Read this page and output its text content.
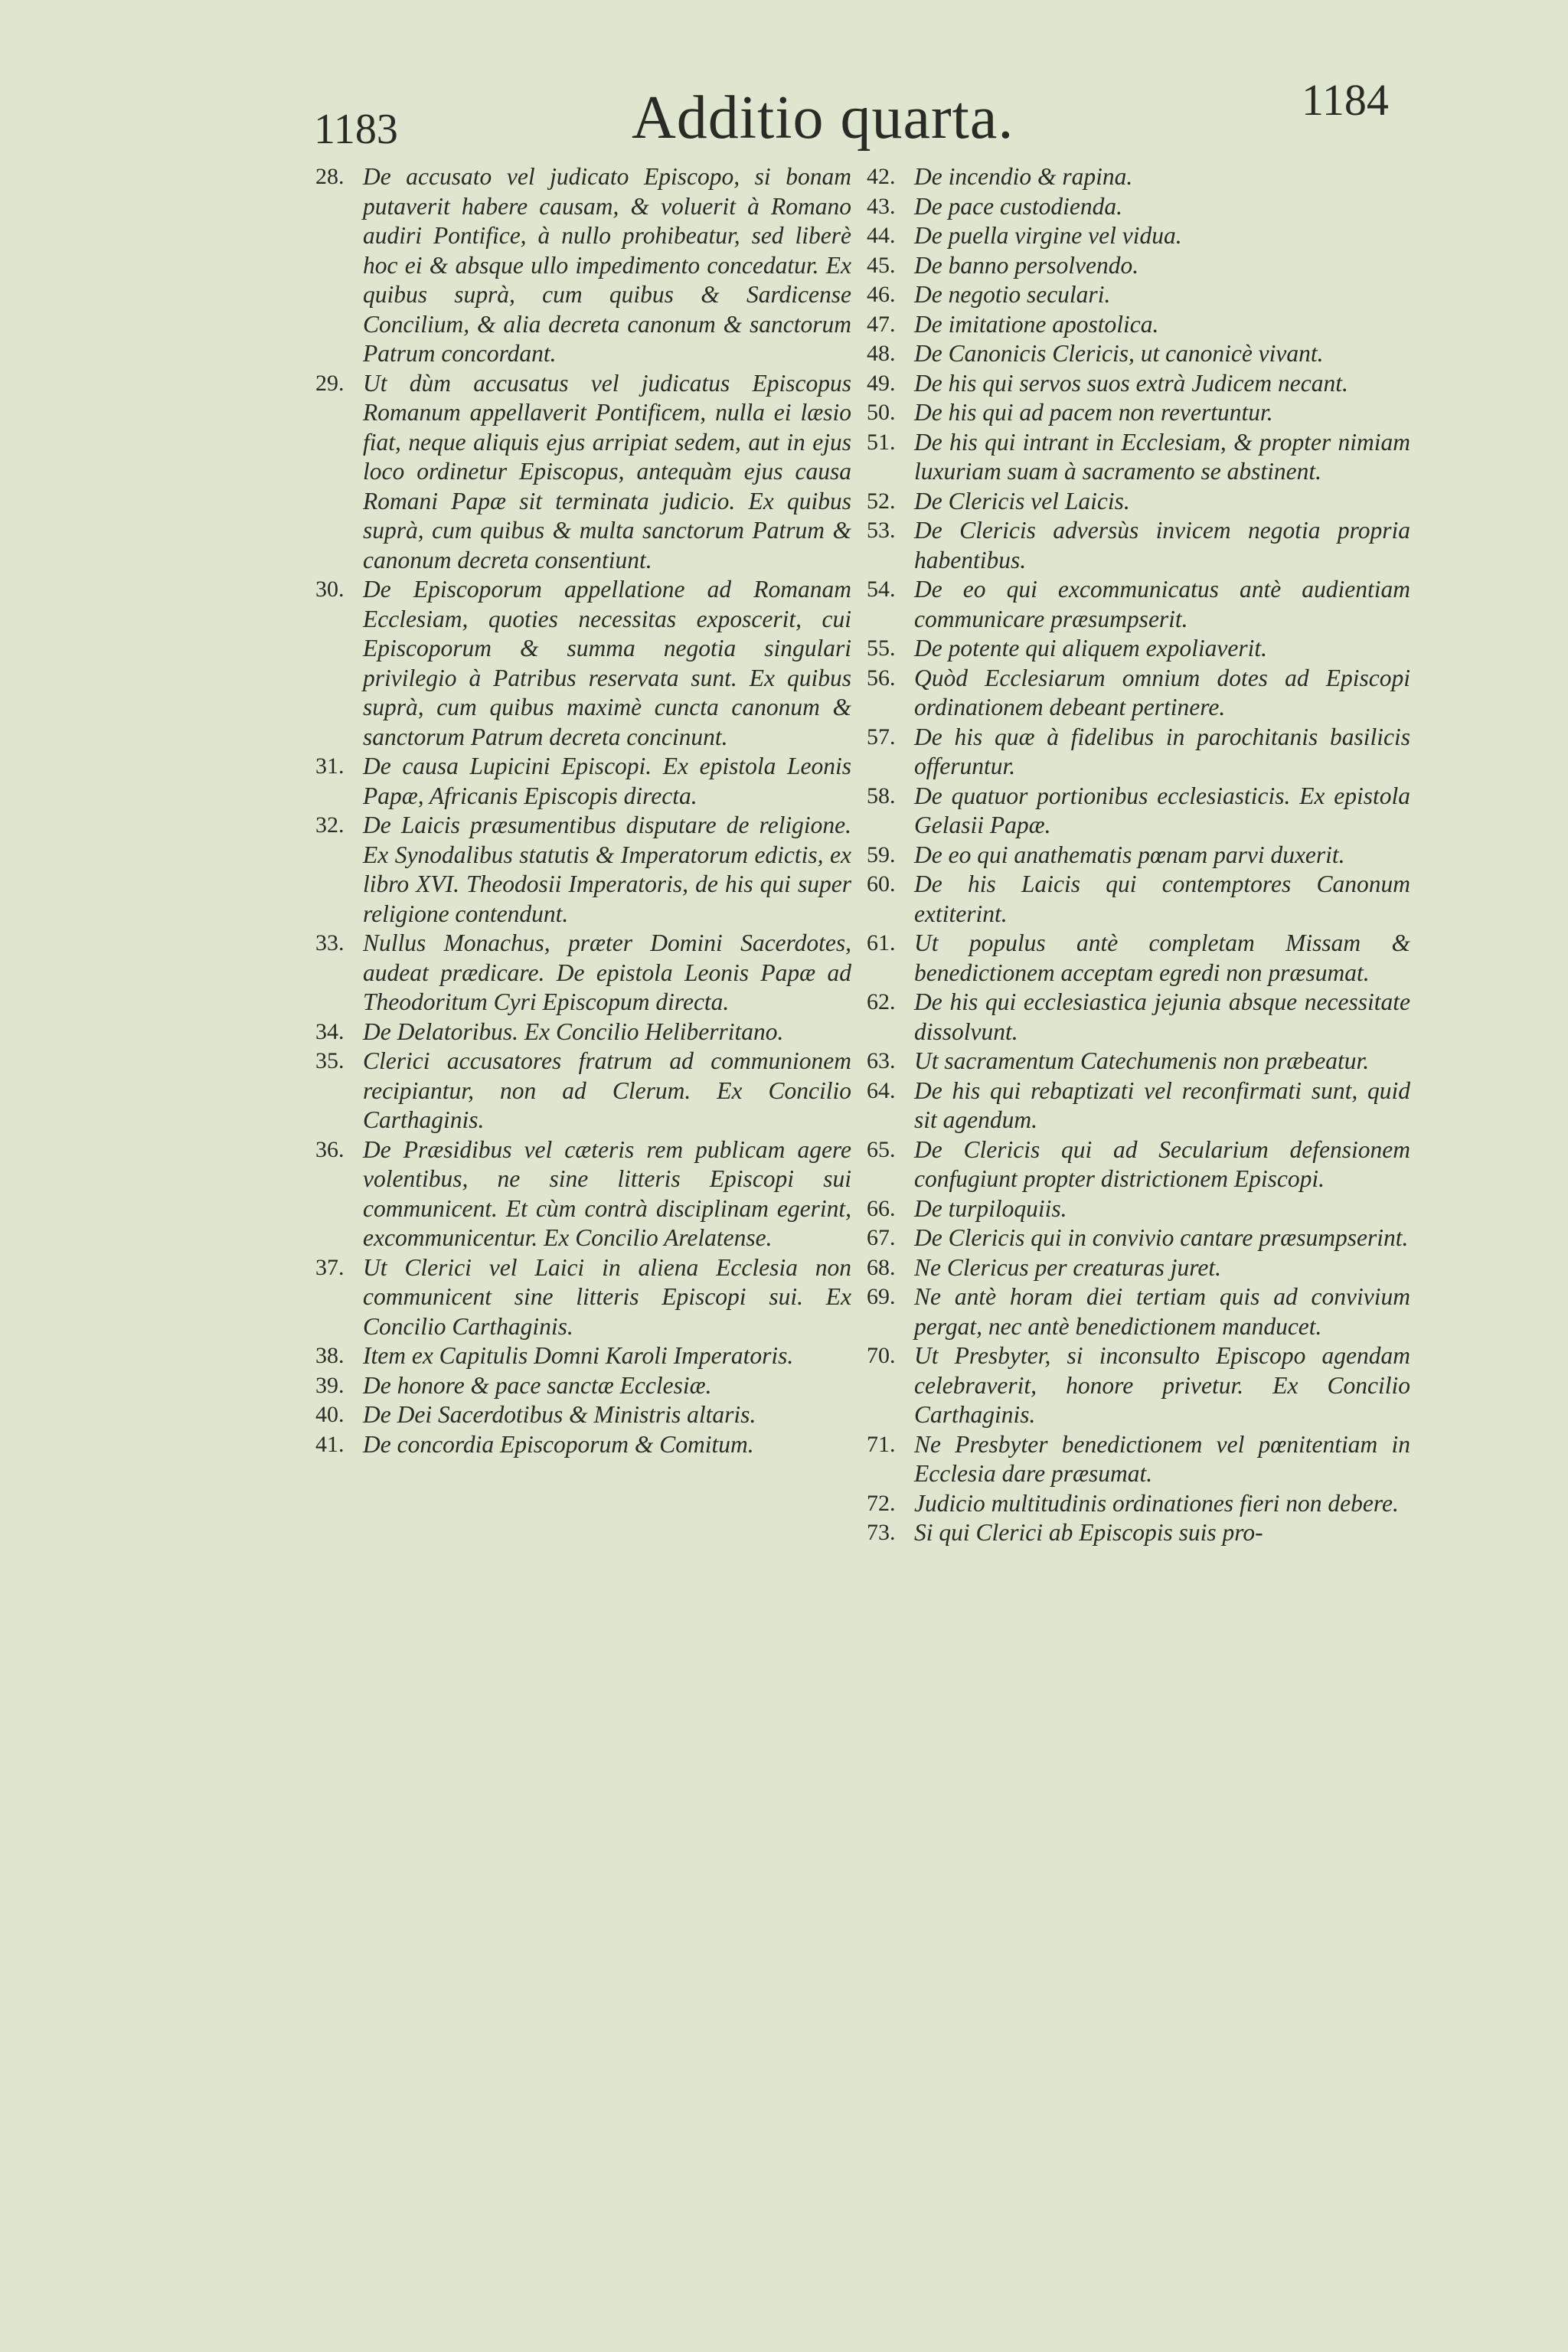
1183	Additio quarta.	1184
28. De accusato vel judicato Episcopo, si bonam putaverit habere causam, & voluerit à Romano audiri Pontifice, à nullo prohibeatur, sed liberè hoc ei & absque ullo impedimento concedatur. Ex quibus suprà, cum quibus & Sardicense Concilium, & alia decreta canonum & sanctorum Patrum concordant.
29. Ut dùm accusatus vel judicatus Episcopus Romanum appellaverit Pontificem, nulla ei læsio fiat, neque aliquis ejus arripiat sedem, aut in ejus loco ordinetur Episcopus, antequàm ejus causa Romani Papæ sit terminata judicio. Ex quibus suprà, cum quibus & multa sanctorum Patrum & canonum decreta consentiunt.
30. De Episcoporum appellatione ad Romanam Ecclesiam, quoties necessitas exposcerit, cui Episcoporum & summa negotia singulari privilegio à Patribus reservata sunt. Ex quibus suprà, cum quibus maximè cuncta canonum & sanctorum Patrum decreta concinunt.
31. De causa Lupicini Episcopi. Ex epistola Leonis Papæ, Africanis Episcopis directa.
32. De Laicis præsumentibus disputare de religione. Ex Synodalibus statutis & Imperatorum edictis, ex libro XVI. Theodosii Imperatoris, de his qui super religione contendunt.
33. Nullus Monachus, præter Domini Sacerdotes, audeat prædicare. De epistola Leonis Papæ ad Theodoritum Cyri Episcopum directa.
34. De Delatoribus. Ex Concilio Heliberritano.
35. Clerici accusatores fratrum ad communionem recipiantur, non ad Clerum. Ex Concilio Carthaginis.
36. De Præsidibus vel cæteris rem publicam agere volentibus, ne sine litteris Episcopi sui communicent. Et cùm contrà disciplinam egerint, excommunicentur. Ex Concilio Arelatense.
37. Ut Clerici vel Laici in aliena Ecclesia non communicent sine litteris Episcopi sui. Ex Concilio Carthaginis.
38. Item ex Capitulis Domni Karoli Imperatoris.
39. De honore & pace sanctæ Ecclesiæ.
40. De Dei Sacerdotibus & Ministris altaris.
41. De concordia Episcoporum & Comitum.
42. De incendio & rapina.
43. De pace custodienda.
44. De puella virgine vel vidua.
45. De banno persolvendo.
46. De negotio seculari.
47. De imitatione apostolica.
48. De Canonicis Clericis, ut canonicè vivant.
49. De his qui servos suos extrà Judicem necant.
50. De his qui ad pacem non revertuntur.
51. De his qui intrant in Ecclesiam, & propter nimiam luxuriam suam à sacramento se abstinent.
52. De Clericis vel Laicis.
53. De Clericis adversùs invicem negotia propria habentibus.
54. De eo qui excommunicatus antè audientiam communicare præsumpserit.
55. De potente qui aliquem expoliaverit.
56. Quòd Ecclesiarum omnium dotes ad Episcopi ordinationem debeant pertinere.
57. De his quæ à fidelibus in parochitanis basilicis offeruntur.
58. De quatuor portionibus ecclesiasticis. Ex epistola Gelasii Papæ.
59. De eo qui anathematis pœnam parvi duxerit.
60. De his Laicis qui contemptores Canonum extiterint.
61. Ut populus antè completam Missam & benedictionem acceptam egredi non præsumat.
62. De his qui ecclesiastica jejunia absque necessitate dissolvunt.
63. Ut sacramentum Catechumenis non præbeatur.
64. De his qui rebaptizati vel reconfirmati sunt, quid sit agendum.
65. De Clericis qui ad Secularium defensionem confugiunt propter districtionem Episcopi.
66. De turpiloquiis.
67. De Clericis qui in convivio cantare præsumpserint.
68. Ne Clericus per creaturas juret.
69. Ne antè horam diei tertiam quis ad convivium pergat, nec antè benedictionem manducet.
70. Ut Presbyter, si inconsulto Episcopo agendam celebraverit, honore privetur. Ex Concilio Carthaginis.
71. Ne Presbyter benedictionem vel pœnitentiam in Ecclesia dare præsumat.
72. Judicio multitudinis ordinationes fieri non debere.
73. Si qui Clerici ab Episcopis suis pro-
